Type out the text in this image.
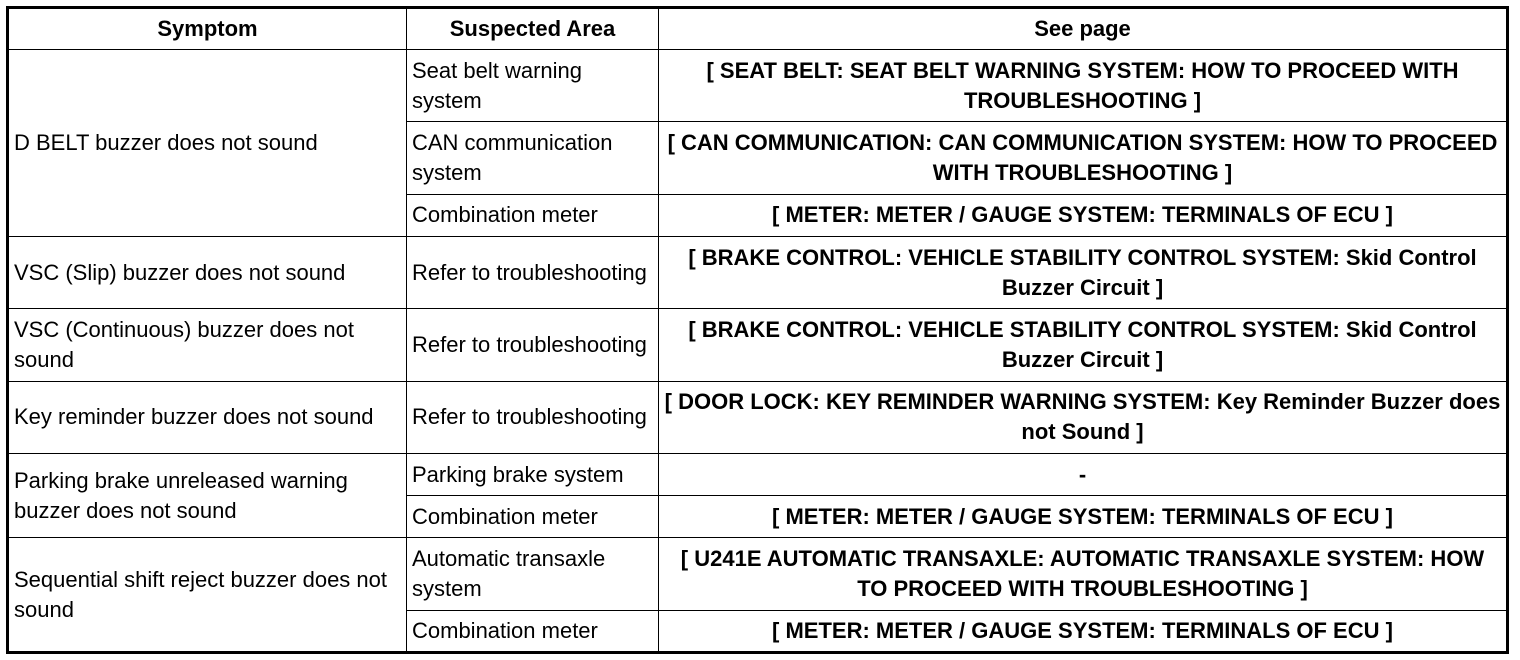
Symptom	Suspected Area	See page
D BELT buzzer does not sound	Seat belt warning system	[ SEAT BELT: SEAT BELT WARNING SYSTEM: HOW TO PROCEED WITH TROUBLESHOOTING ]
	CAN communication system	[ CAN COMMUNICATION: CAN COMMUNICATION SYSTEM: HOW TO PROCEED WITH TROUBLESHOOTING ]
	Combination meter	[ METER: METER / GAUGE SYSTEM: TERMINALS OF ECU ]
VSC (Slip) buzzer does not sound	Refer to troubleshooting	[ BRAKE CONTROL: VEHICLE STABILITY CONTROL SYSTEM: Skid Control Buzzer Circuit ]
VSC (Continuous) buzzer does not sound	Refer to troubleshooting	[ BRAKE CONTROL: VEHICLE STABILITY CONTROL SYSTEM: Skid Control Buzzer Circuit ]
Key reminder buzzer does not sound	Refer to troubleshooting	[ DOOR LOCK: KEY REMINDER WARNING SYSTEM: Key Reminder Buzzer does not Sound ]
Parking brake unreleased warning buzzer does not sound	Parking brake system	-
	Combination meter	[ METER: METER / GAUGE SYSTEM: TERMINALS OF ECU ]
Sequential shift reject buzzer does not sound	Automatic transaxle system	[ U241E AUTOMATIC TRANSAXLE: AUTOMATIC TRANSAXLE SYSTEM: HOW TO PROCEED WITH TROUBLESHOOTING ]
	Combination meter	[ METER: METER / GAUGE SYSTEM: TERMINALS OF ECU ]
